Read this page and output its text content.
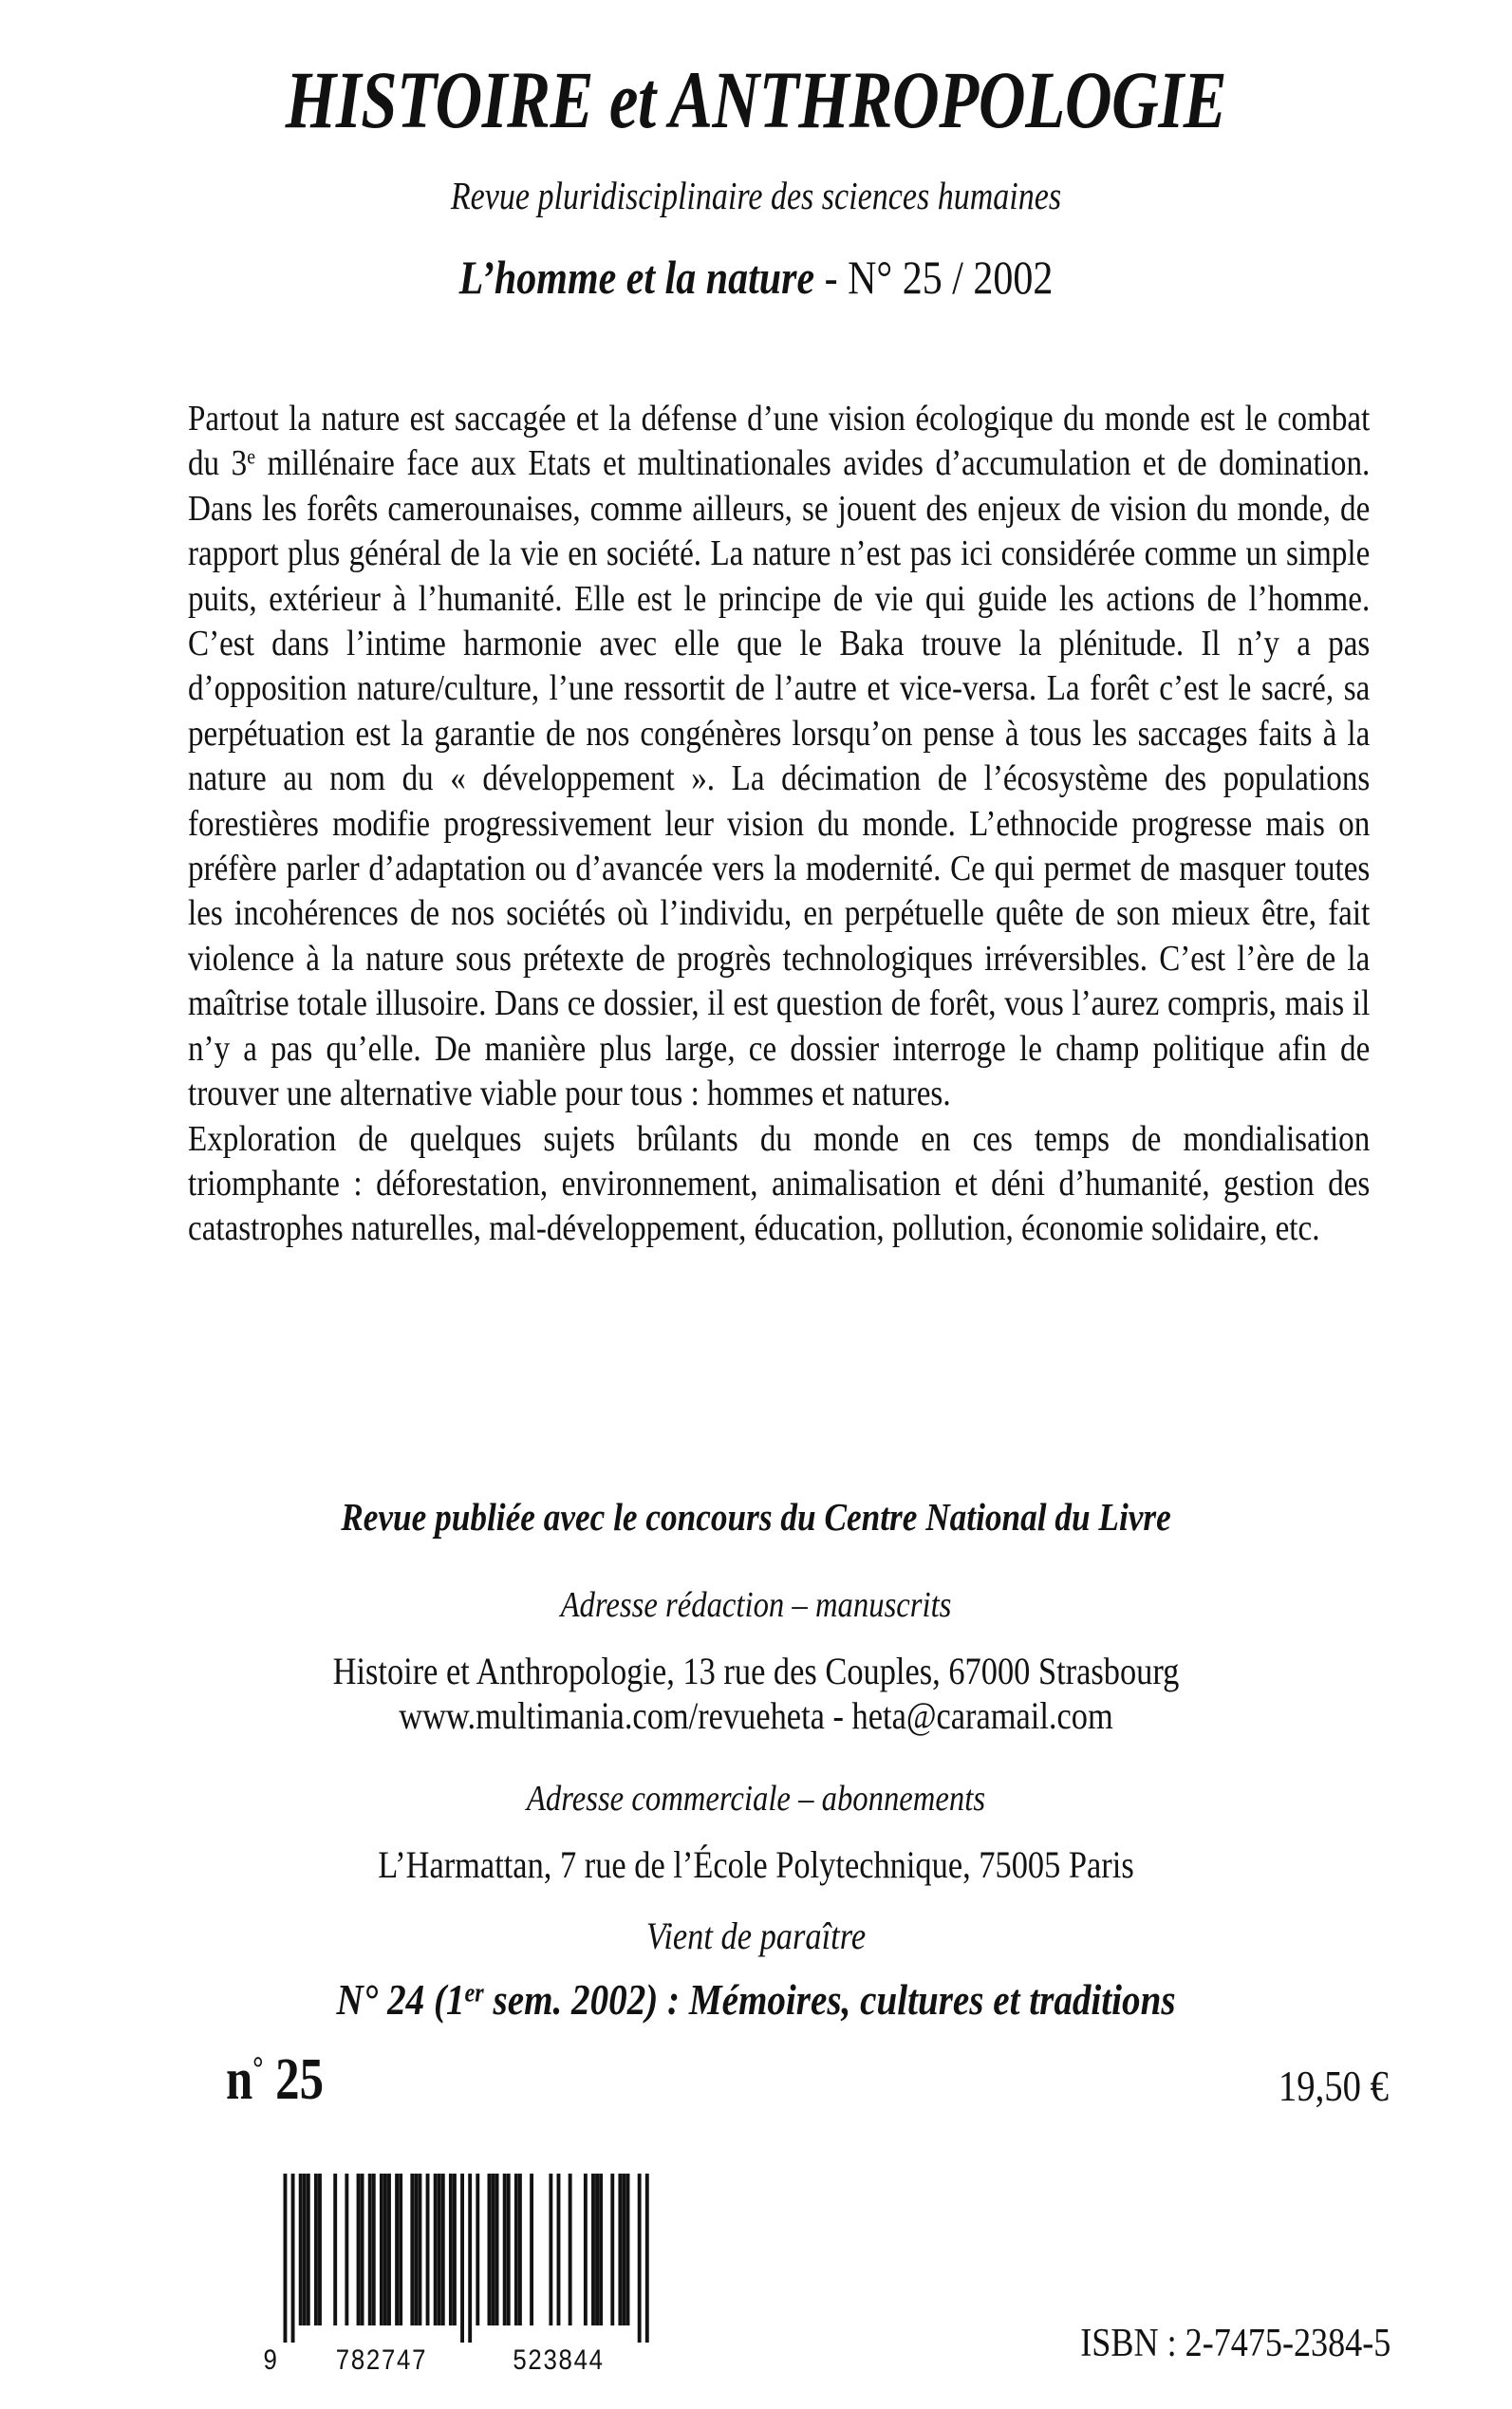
HISTOIRE et ANTHROPOLOGIE
Revue pluridisciplinaire des sciences humaines
L’homme et la nature - N° 25 / 2002

Partout la nature est saccagée et la défense d’une vision écologique du monde est le combat du 3e millénaire face aux Etats et multinationales avides d’accumulation et de domination. Dans les forêts camerounaises, comme ailleurs, se jouent des enjeux de vision du monde, de rapport plus général de la vie en société. La nature n’est pas ici considérée comme un simple puits, extérieur à l’humanité. Elle est le principe de vie qui guide les actions de l’homme. C’est dans l’intime harmonie avec elle que le Baka trouve la plénitude. Il n’y a pas d’opposition nature/culture, l’une ressortit de l’autre et vice-versa. La forêt c’est le sacré, sa perpétuation est la garantie de nos congénères lorsqu’on pense à tous les saccages faits à la nature au nom du « développement ». La décimation de l’écosystème des populations forestières modifie progressivement leur vision du monde. L’ethnocide progresse mais on préfère parler d’adaptation ou d’avancée vers la modernité. Ce qui permet de masquer toutes les incohérences de nos sociétés où l’individu, en perpétuelle quête de son mieux être, fait violence à la nature sous prétexte de progrès technologiques irréversibles. C’est l’ère de la maîtrise totale illusoire. Dans ce dossier, il est question de forêt, vous l’aurez compris, mais il n’y a pas qu’elle. De manière plus large, ce dossier interroge le champ politique afin de trouver une alternative viable pour tous : hommes et natures.

Exploration de quelques sujets brûlants du monde en ces temps de mondialisation triomphante : déforestation, environnement, animalisation et déni d’humanité, gestion des catastrophes naturelles, mal-développement, éducation, pollution, économie solidaire, etc.

Revue publiée avec le concours du Centre National du Livre
Adresse rédaction – manuscrits
Histoire et Anthropologie, 13 rue des Couples, 67000 Strasbourg
www.multimania.com/revueheta - heta@caramail.com
Adresse commerciale – abonnements
L’Harmattan, 7 rue de l’École Polytechnique, 75005 Paris
Vient de paraître
N° 24 (1er sem. 2002) : Mémoires, cultures et traditions
n° 25	19,50 €
9 782747	523844	ISBN : 2-7475-2384-5
